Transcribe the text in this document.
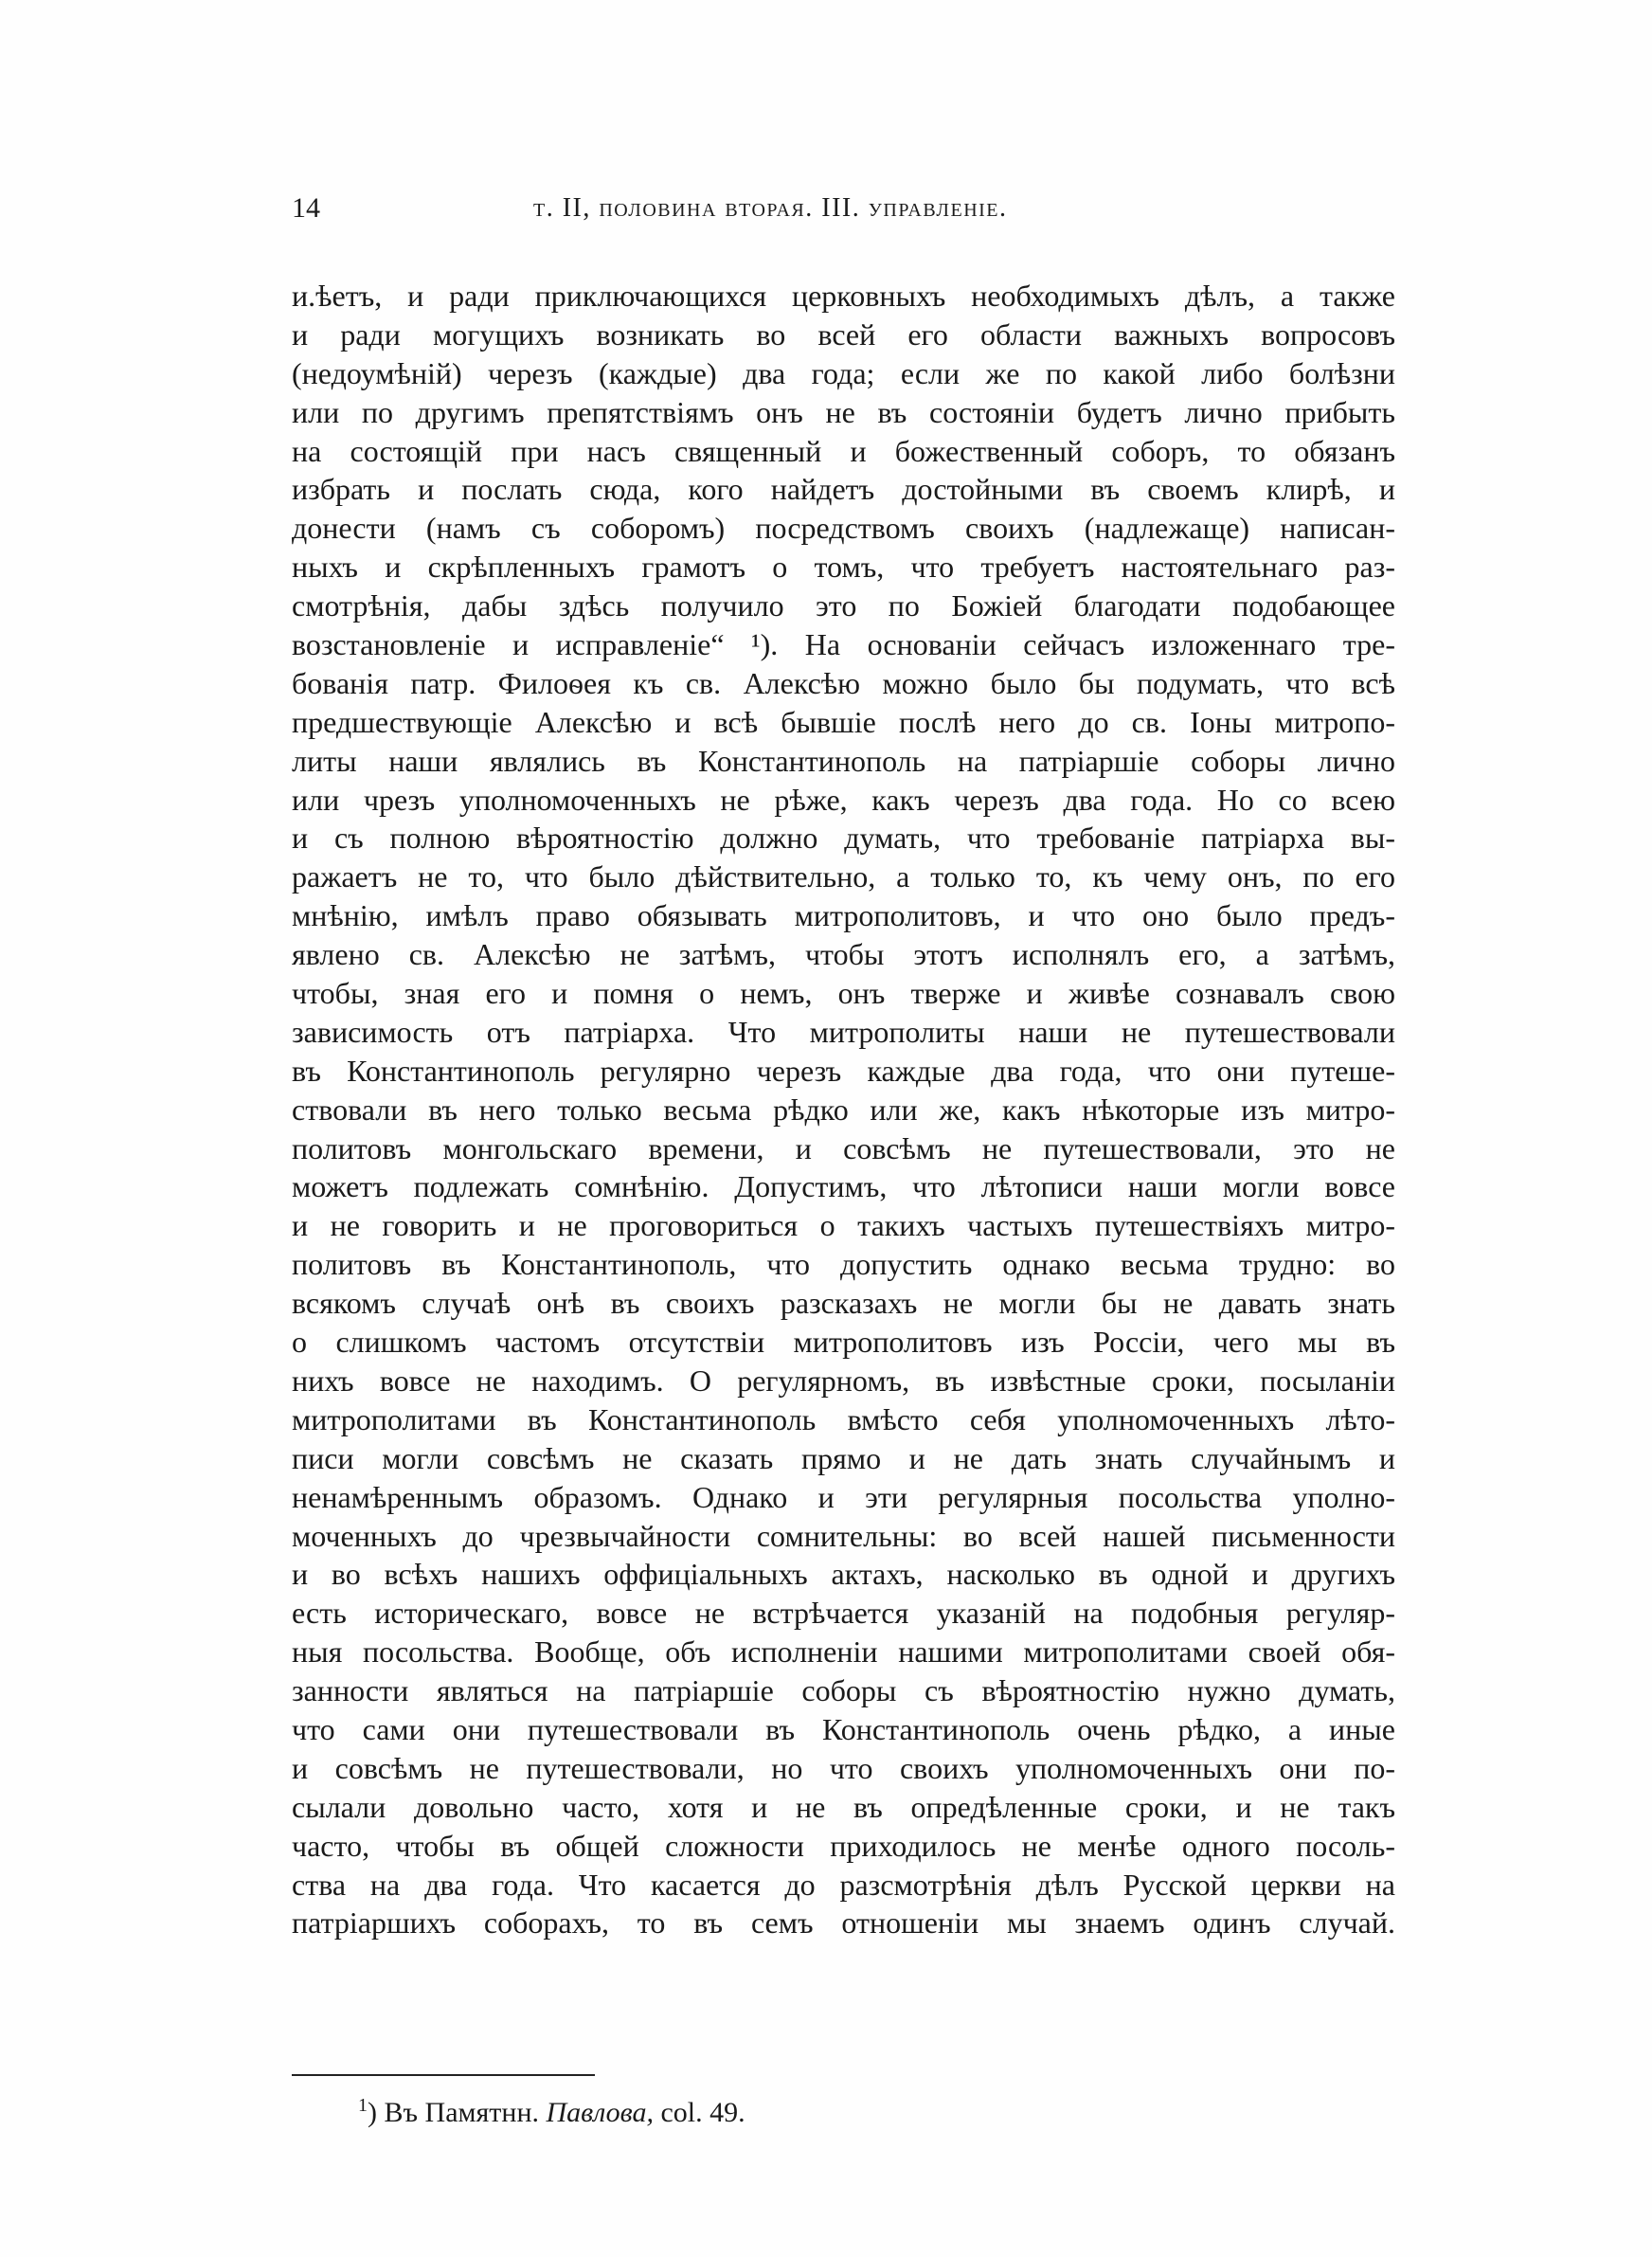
14	т. II, половина вторая. III. управленіе.
и.ѣетъ, и ради приключающихся церковныхъ необходимыхъ дѣлъ, а также
и ради могущихъ возникать во всей его области важныхъ вопросовъ
(недоумѣній) черезъ (каждые) два года; если же по какой либо болѣзни
или по другимъ препятствіямъ онъ не въ состояніи будетъ лично прибыть
на состоящій при насъ священный и божественный соборъ, то обязанъ
избрать и послать сюда, кого найдетъ достойными въ своемъ клирѣ, и
донести (намъ съ соборомъ) посредствомъ своихъ (надлежаще) написан-
ныхъ и скрѣпленныхъ грамотъ о томъ, что требуетъ настоятельнаго раз-
смотрѣнія, дабы здѣсь получило это по Божіей благодати подобающее
возстановленіе и исправленіе“ ¹). На основаніи сейчасъ изложеннаго тре-
бованія патр. Филоѳея къ св. Алексѣю можно было бы подумать, что всѣ
предшествующіе Алексѣю и всѣ бывшіе послѣ него до св. Іоны митропо-
литы наши являлись въ Константинополь на патріаршіе соборы лично
или чрезъ уполномоченныхъ не рѣже, какъ черезъ два года. Но со всею
и съ полною вѣроятностію должно думать, что требованіе патріарха вы-
ражаетъ не то, что было дѣйствительно, а только то, къ чему онъ, по его
мнѣнію, имѣлъ право обязывать митрополитовъ, и что оно было предъ-
явлено св. Алексѣю не затѣмъ, чтобы этотъ исполнялъ его, а затѣмъ,
чтобы, зная его и помня о немъ, онъ тверже и живѣе сознавалъ свою
зависимость отъ патріарха. Что митрополиты наши не путешествовали
въ Константинополь регулярно черезъ каждые два года, что они путеше-
ствовали въ него только весьма рѣдко или же, какъ нѣкоторые изъ митро-
политовъ монгольскаго времени, и совсѣмъ не путешествовали, это не
можетъ подлежать сомнѣнію. Допустимъ, что лѣтописи наши могли вовсе
и не говорить и не проговориться о такихъ частыхъ путешествіяхъ митро-
политовъ въ Константинополь, что допустить однако весьма трудно: во
всякомъ случаѣ онѣ въ своихъ разсказахъ не могли бы не давать знать
о слишкомъ частомъ отсутствіи митрополитовъ изъ Россіи, чего мы въ
нихъ вовсе не находимъ. О регулярномъ, въ извѣстные сроки, посыланіи
митрополитами въ Константинополь вмѣсто себя уполномоченныхъ лѣто-
писи могли совсѣмъ не сказать прямо и не дать знать случайнымъ и
ненамѣреннымъ образомъ. Однако и эти регулярныя посольства уполно-
моченныхъ до чрезвычайности сомнительны: во всей нашей письменности
и во всѣхъ нашихъ оффиціальныхъ актахъ, насколько въ одной и другихъ
есть историческаго, вовсе не встрѣчается указаній на подобныя регуляр-
ныя посольства. Вообще, объ исполненіи нашими митрополитами своей обя-
занности являться на патріаршіе соборы съ вѣроятностію нужно думать,
что сами они путешествовали въ Константинополь очень рѣдко, а иные
и совсѣмъ не путешествовали, но что своихъ уполномоченныхъ они по-
сылали довольно часто, хотя и не въ опредѣленные сроки, и не такъ
часто, чтобы въ общей сложности приходилось не менѣе одного посоль-
ства на два года. Что касается до разсмотрѣнія дѣлъ Русской церкви на
патріаршихъ соборахъ, то въ семъ отношеніи мы знаемъ одинъ случай.
$^1$) Въ Памятнн. Павлова, col. 49.
